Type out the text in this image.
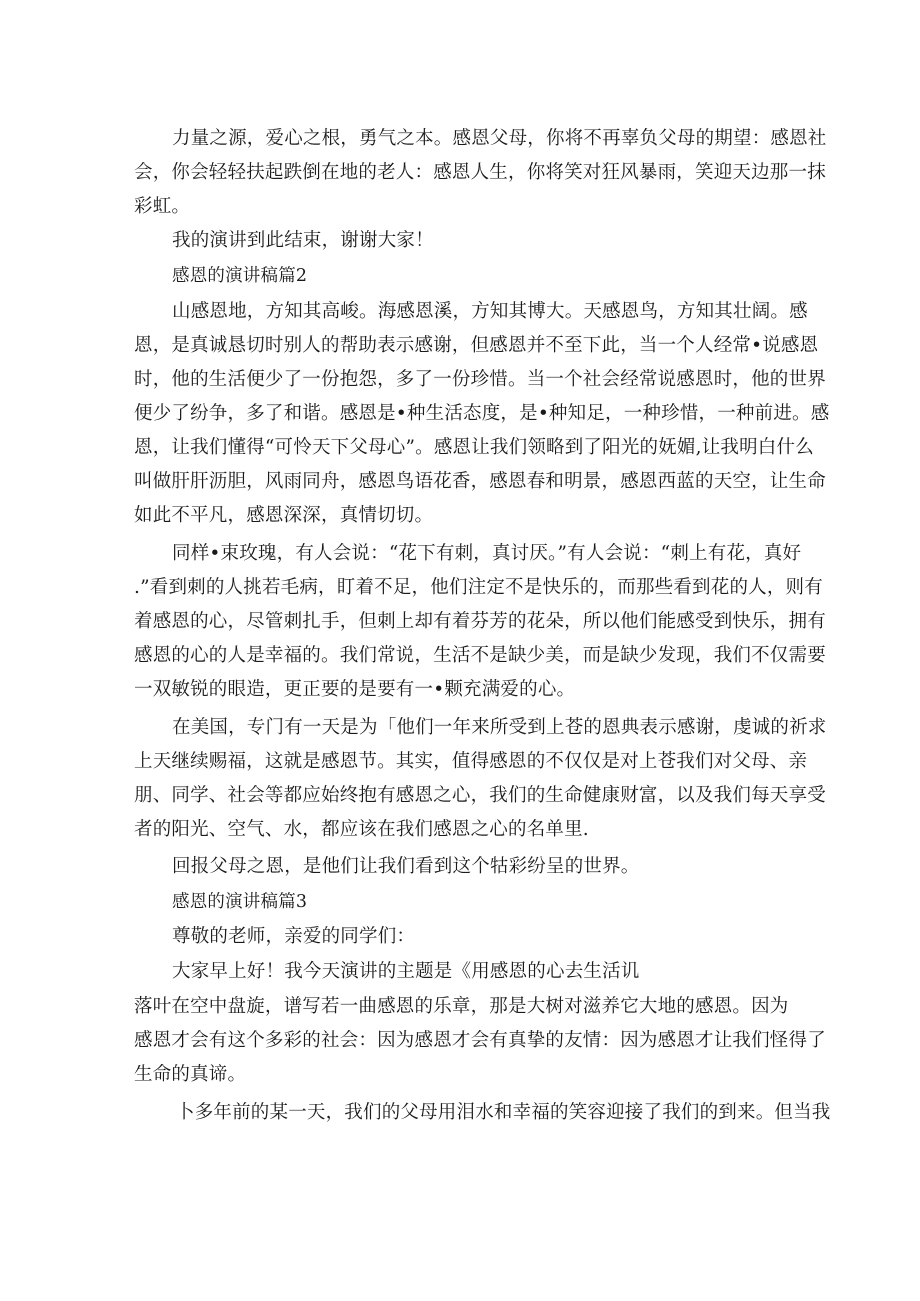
力量之源，爱心之根，勇气之本。感恩父母，你将不再辜负父母的期望：感恩社
会，你会轻轻扶起跌倒在地的老人：感恩人生，你将笑对狂风暴雨，笑迎天边那一抹
彩虹。
我的演讲到此结束，谢谢大家！
感恩的演讲稿篇2
山感恩地，方知其高峻。海感恩溪，方知其博大。天感恩鸟，方知其壮阔。感
恩，是真诚恳切时别人的帮助表示感谢，但感恩并不至下此，当一个人经常•说感恩
时，他的生活便少了一份抱怨，多了一份珍惜。当一个社会经常说感恩时，他的世界
便少了纷争，多了和谐。感恩是•种生活态度，是•种知足，一种珍惜，一种前进。感
恩，让我们懂得“可怜天下父母心”。感恩让我们领略到了阳光的妩媚,让我明白什么
叫做肝肝沥胆，风雨同舟，感恩鸟语花香，感恩春和明景，感恩西蓝的天空，让生命
如此不平凡，感恩深深，真情切切。
同样•束玫瑰，有人会说：“花下有刺，真讨厌。”有人会说：“刺上有花，真好
.”看到刺的人挑若毛病，盯着不足，他们注定不是快乐的，而那些看到花的人，则有
着感恩的心，尽管刺扎手，但刺上却有着芬芳的花朵，所以他们能感受到快乐，拥有
感恩的心的人是幸福的。我们常说，生活不是缺少美，而是缺少发现，我们不仅需要
一双敏锐的眼造，更正要的是要有一•颗充满爱的心。
在美国，专门有一天是为「他们一年来所受到上苍的恩典表示感谢，虔诚的祈求
上天继续赐福，这就是感恩节。其实，值得感恩的不仅仅是对上苍我们对父母、亲
朋、同学、社会等都应始终抱有感恩之心，我们的生命健康财富，以及我们每天享受
者的阳光、空气、水，都应该在我们感恩之心的名单里.
回报父母之恩，是他们让我们看到这个牯彩纷呈的世界。
感恩的演讲稿篇3
尊敬的老师，亲爱的同学们：
大家早上好！我今天演讲的主题是《用感恩的心去生活讥
落叶在空中盘旋，谱写若一曲感恩的乐章，那是大树对滋养它大地的感恩。因为
感恩才会有这个多彩的社会：因为感恩才会有真挚的友情：因为感恩才让我们怪得了
生命的真谛。
卜多年前的某一天，我们的父母用泪水和幸福的笑容迎接了我们的到来。但当我
